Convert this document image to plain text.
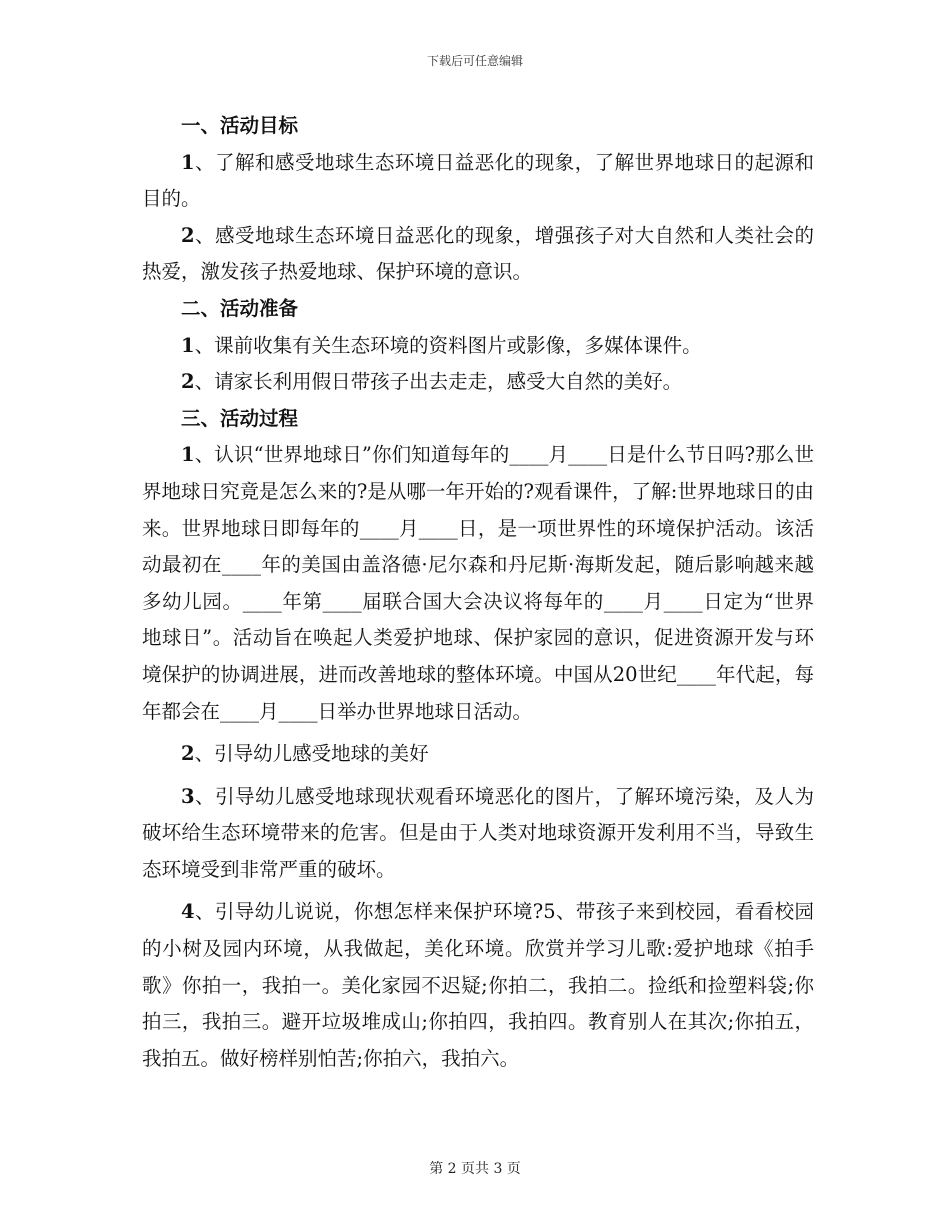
下载后可任意编辑

一、活动目标

1、了解和感受地球生态环境日益恶化的现象，了解世界地球日的起源和目的。

2、感受地球生态环境日益恶化的现象，增强孩子对大自然和人类社会的热爱，激发孩子热爱地球、保护环境的意识。

二、活动准备

1、课前收集有关生态环境的资料图片或影像，多媒体课件。

2、请家长利用假日带孩子出去走走，感受大自然的美好。

三、活动过程

1、认识“世界地球日”你们知道每年的____月____日是什么节日吗?那么世界地球日究竟是怎么来的?是从哪一年开始的?观看课件，了解:世界地球日的由来。世界地球日即每年的____月____日，是一项世界性的环境保护活动。该活动最初在____年的美国由盖洛德·尼尔森和丹尼斯·海斯发起，随后影响越来越多幼儿园。____年第____届联合国大会决议将每年的____月____日定为“世界地球日”。活动旨在唤起人类爱护地球、保护家园的意识，促进资源开发与环境保护的协调进展，进而改善地球的整体环境。中国从20世纪____年代起，每年都会在____月____日举办世界地球日活动。

2、引导幼儿感受地球的美好

3、引导幼儿感受地球现状观看环境恶化的图片，了解环境污染，及人为破坏给生态环境带来的危害。但是由于人类对地球资源开发利用不当，导致生态环境受到非常严重的破坏。

4、引导幼儿说说，你想怎样来保护环境?5、带孩子来到校园，看看校园的小树及园内环境，从我做起，美化环境。欣赏并学习儿歌:爱护地球《拍手歌》你拍一，我拍一。美化家园不迟疑;你拍二，我拍二。捡纸和捡塑料袋;你拍三，我拍三。避开垃圾堆成山;你拍四，我拍四。教育别人在其次;你拍五，我拍五。做好榜样别怕苦;你拍六，我拍六。

第 2 页共 3 页
